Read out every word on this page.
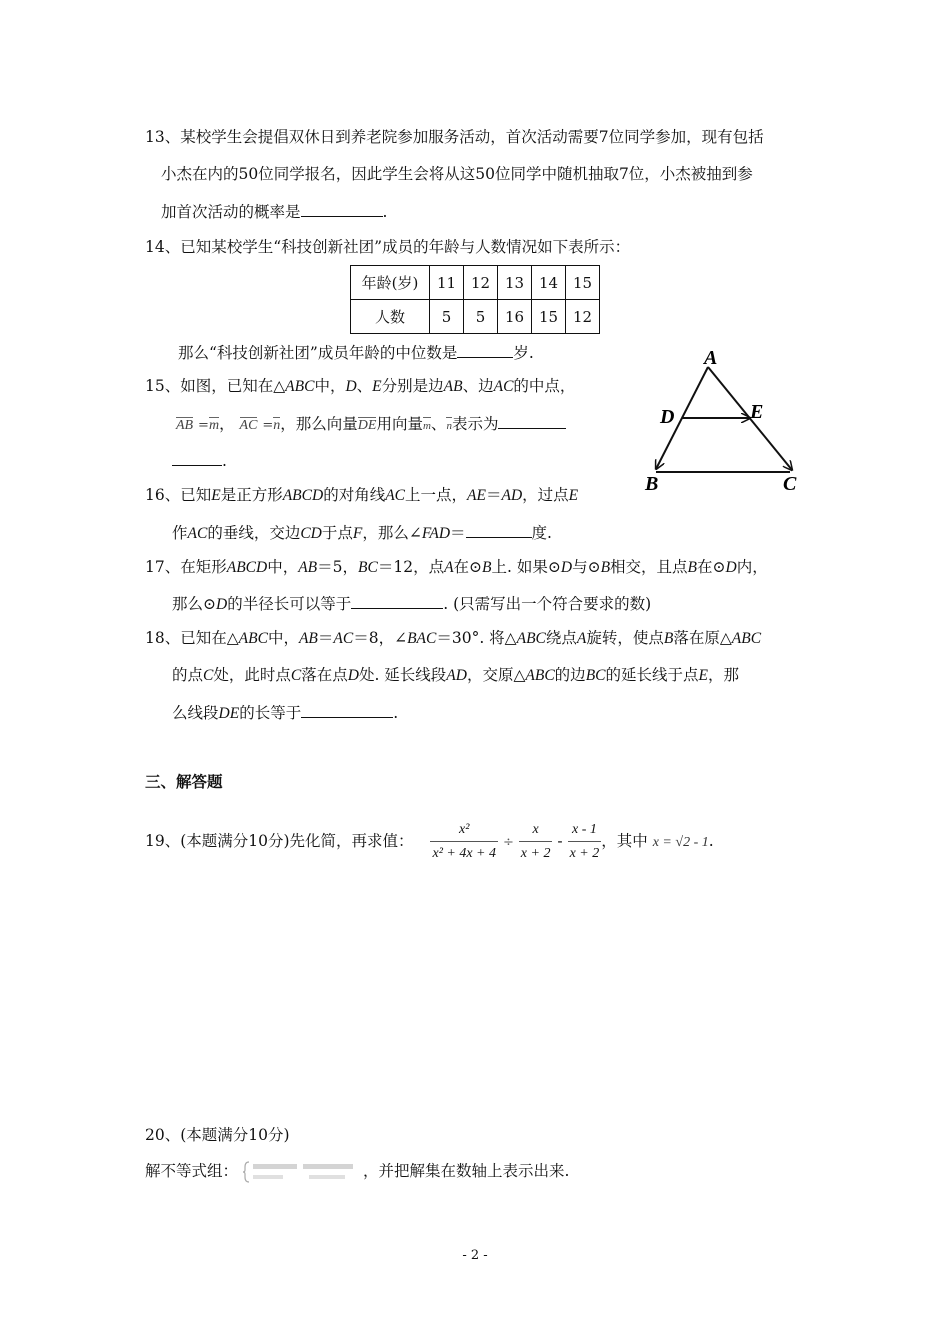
13、某校学生会提倡双休日到养老院参加服务活动，首次活动需要7位同学参加，现有包括
小杰在内的50位同学报名，因此学生会将从这50位同学中随机抽取7位，小杰被抽到参
加首次活动的概率是	.
14、已知某校学生“科技创新社团”成员的年龄与人数情况如下表所示：
年龄(岁)	11	12	13	14	15
人数	5	5	16	15	12
那么“科技创新社团”成员年龄的中位数是	岁.
15、如图，已知在△ABC中，D、E分别是边AB、边AC的中点，
AB =m， AC =n，那么向量DE用向量m、n表示为
.
A
B	C
D	E
16、已知E是正方形ABCD的对角线AC上一点，AE＝AD，过点E
作AC的垂线，交边CD于点F，那么∠FAD＝	度.
17、在矩形ABCD中，AB＝5，BC＝12，点A在⊙B上. 如果⊙D与⊙B相交，且点B在⊙D内，
那么⊙D的半径长可以等于	. (只需写出一个符合要求的数)
18、已知在△ABC中，AB＝AC＝8，∠BAC＝30°. 将△ABC绕点A旋转，使点B落在原△ABC
的点C处，此时点C落在点D处. 延长线段AD，交原△ABC的边BC的延长线于点E，那
么线段DE的长等于	.
三、解答题
19、(本题满分10分)先化简，再求值： $\frac{\text{x²}}{\text{x² + 4x + 4}} \div \frac{x}{x + 2} - \frac{x - 1}{x + 2}$ ，其中 x = √2 - 1.
20、(本题满分10分)
解不等式组：	，并把解集在数轴上表示出来.
- 2 -
